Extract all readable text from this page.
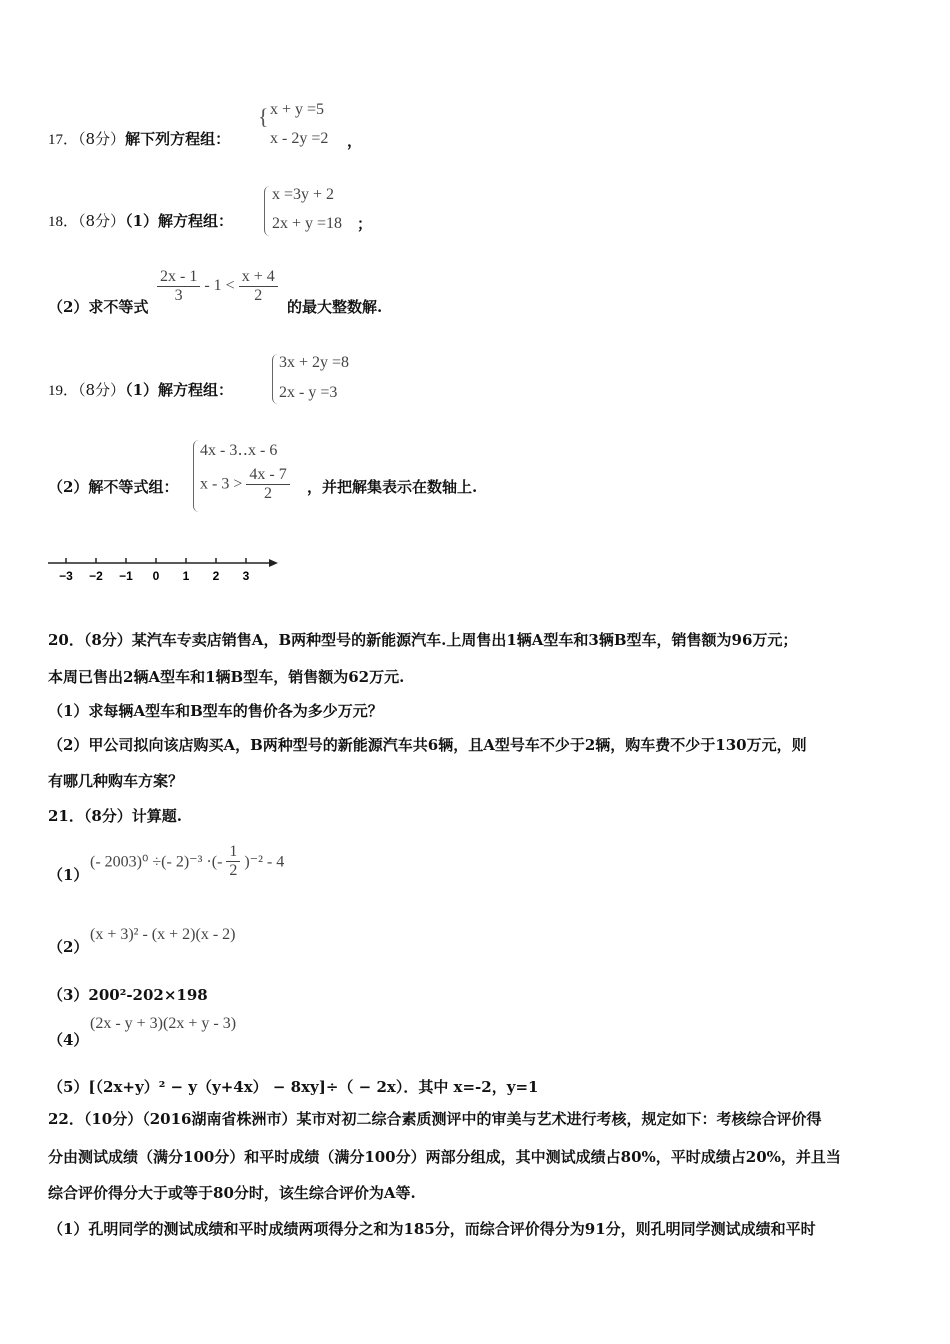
17．（8分）解下列方程组：
{ x + y =5
x - 2y =2 ，
18．（8分）（1）解方程组：
x =3y + 2
2x + y =18 ；
（2）求不等式
$\frac{2x - 1}{3} - 1 < \frac{x + 4}{2}$
的最大整数解.
19．（8分）（1）解方程组：
3x + 2y =8
2x - y =3
（2）解不等式组：
4x - 3‥x - 6
$x - 3 > \frac{4x - 7}{2}$ ，并把解集表示在数轴上.
−3 −2 −1 0 1 2 3
20．（8分）某汽车专卖店销售A，B两种型号的新能源汽车.上周售出1辆A型车和3辆B型车，销售额为96万元；
本周已售出2辆A型车和1辆B型车，销售额为62万元.
（1）求每辆A型车和B型车的售价各为多少万元？
（2）甲公司拟向该店购买A，B两种型号的新能源汽车共6辆，且A型号车不少于2辆，购车费不少于130万元，则
有哪几种购车方案？
21．（8分）计算题.
（1）
(- 2003)⁰ ÷(- 2)⁻³ ·(- $\frac{1}{2} )^{-2} - 4$
（2）
(x + 3)² - (x + 2)(x - 2)
（3）200²-202×198
（4）
(2x - y + 3)(2x + y - 3)
（5）[（2x+y）² − y（y+4x） − 8xy]÷（ − 2x）．其中 x=-2，y=1
22．（10分）（2016湖南省株洲市）某市对初二综合素质测评中的审美与艺术进行考核，规定如下：考核综合评价得
分由测试成绩（满分100分）和平时成绩（满分100分）两部分组成，其中测试成绩占80%，平时成绩占20%，并且当
综合评价得分大于或等于80分时，该生综合评价为A等.
（1）孔明同学的测试成绩和平时成绩两项得分之和为185分，而综合评价得分为91分，则孔明同学测试成绩和平时
